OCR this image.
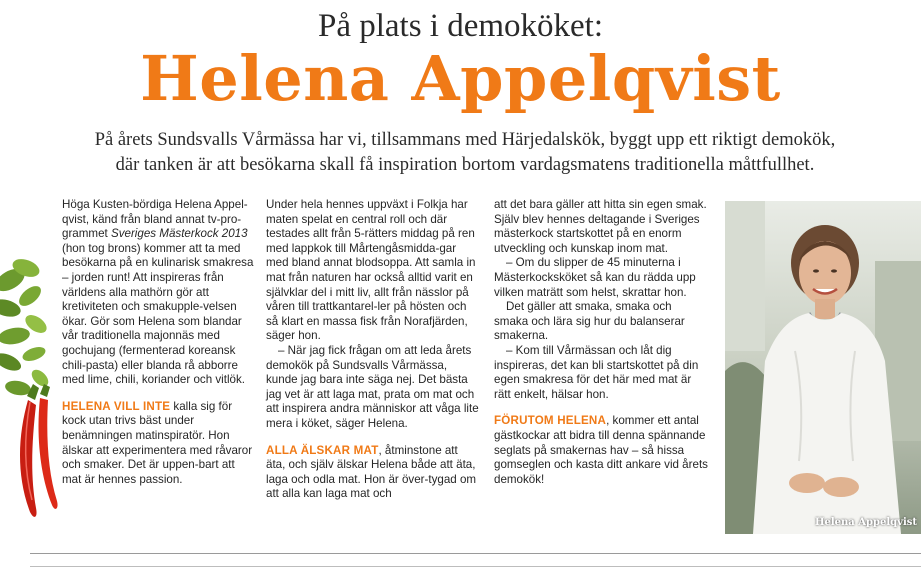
På plats i demoköket:
Helena Appelqvist

På årets Sundsvalls Vårmässa har vi, tillsammans med Härjedalskök, byggt upp ett riktigt demokök,

där tanken är att besökarna skall få inspiration bortom vardagsmatens traditionella måttfullhet.

Höga Kusten-bördiga Helena Appel-qvist, känd från bland annat tv-pro-grammet Sveriges Mästerkock 2013 (hon tog brons) kommer att ta med besökarna på en kulinarisk smakresa – jorden runt! Att inspireras från världens alla mathörn gör att kretiviteten och smakupple-velsen ökar. Gör som Helena som blandar vår traditionella majonnäs med gochujang (fermenterad koreansk chili-pasta) eller blanda rå abborre med lime, chili, koriander och vitlök.

HELENA VILL INTE kalla sig för kock utan trivs bäst under benämningen matinspiratör. Hon älskar att experimentera med råvaror och smaker. Det är uppen-bart att mat är hennes passion.

Under hela hennes uppväxt i Folkja har maten spelat en central roll och där testades allt från 5-rätters middag på ren med lappkok till Mårtengåsmidda-gar med bland annat blodsoppa. Att samla in mat från naturen har också alltid varit en självklar del i mitt liv, allt från nässlor på våren till trattkantarel-ler på hösten och så klart en massa fisk från Norafjärden, säger hon.

– När jag fick frågan om att leda årets demokök på Sundsvalls Vårmässa, kunde jag bara inte säga nej. Det bästa jag vet är att laga mat, prata om mat och att inspirera andra människor att våga lite mera i köket, säger Helena.

ALLA ÄLSKAR MAT, åtminstone att äta, och själv älskar Helena både att äta, laga och odla mat. Hon är över-tygad om att alla kan laga mat och

att det bara gäller att hitta sin egen smak. Själv blev hennes deltagande i Sveriges mästerkock startskottet på en enorm utveckling och kunskap inom mat.

– Om du slipper de 45 minuterna i Mästerkocksköket så kan du rädda upp vilken maträtt som helst, skrattar hon.

Det gäller att smaka, smaka och smaka och lära sig hur du balanserar smakerna.

– Kom till Vårmässan och låt dig inspireras, det kan bli startskottet på din egen smakresa för det här med mat är rätt enkelt, hälsar hon.

FÖRUTOM HELENA, kommer ett antal gästkockar att bidra till denna spännande seglats på smakernas hav – så hissa gomseglen och kasta ditt ankare vid årets demokök!

Helena Appelqvist
